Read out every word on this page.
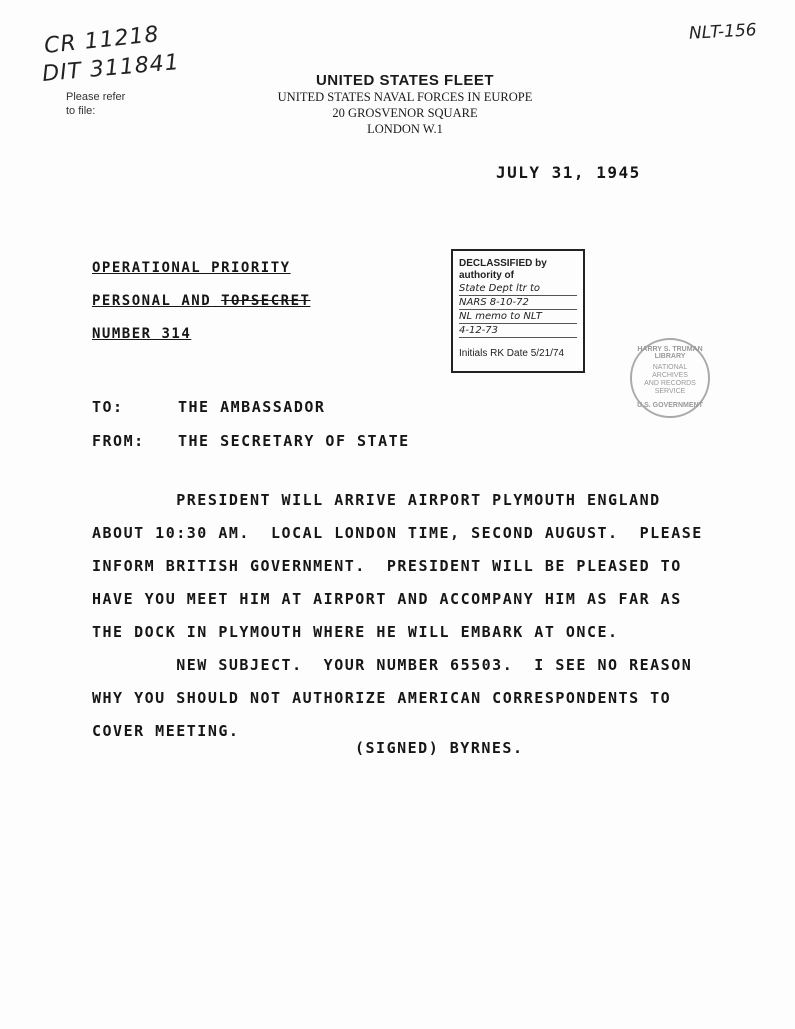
CR 11218
DIT 311841
NLT-156
Please refer
to file:
UNITED STATES FLEET
UNITED STATES NAVAL FORCES IN EUROPE
20 GROSVENOR SQUARE
LONDON W.1
JULY 31, 1945
OPERATIONAL PRIORITY
PERSONAL AND TOPSECRET
NUMBER 314
DECLASSIFIED by authority of
State Dept ltr to
NARS 8-10-72
NL memo to NLT
4-12-73
Initials RK Date 5/21/74	HARRY S. TRUMAN LIBRARY
NATIONAL ARCHIVES AND RECORDS SERVICE
U.S. GOVERNMENT
TO:	THE AMBASSADOR
FROM:	THE SECRETARY OF STATE

PRESIDENT WILL ARRIVE AIRPORT PLYMOUTH ENGLAND

ABOUT 10:30 AM.  LOCAL LONDON TIME, SECOND AUGUST.  PLEASE

INFORM BRITISH GOVERNMENT.  PRESIDENT WILL BE PLEASED TO

HAVE YOU MEET HIM AT AIRPORT AND ACCOMPANY HIM AS FAR AS

THE DOCK IN PLYMOUTH WHERE HE WILL EMBARK AT ONCE.

NEW SUBJECT.  YOUR NUMBER 65503.  I SEE NO REASON

WHY YOU SHOULD NOT AUTHORIZE AMERICAN CORRESPONDENTS TO

COVER MEETING.

(SIGNED) BYRNES.
